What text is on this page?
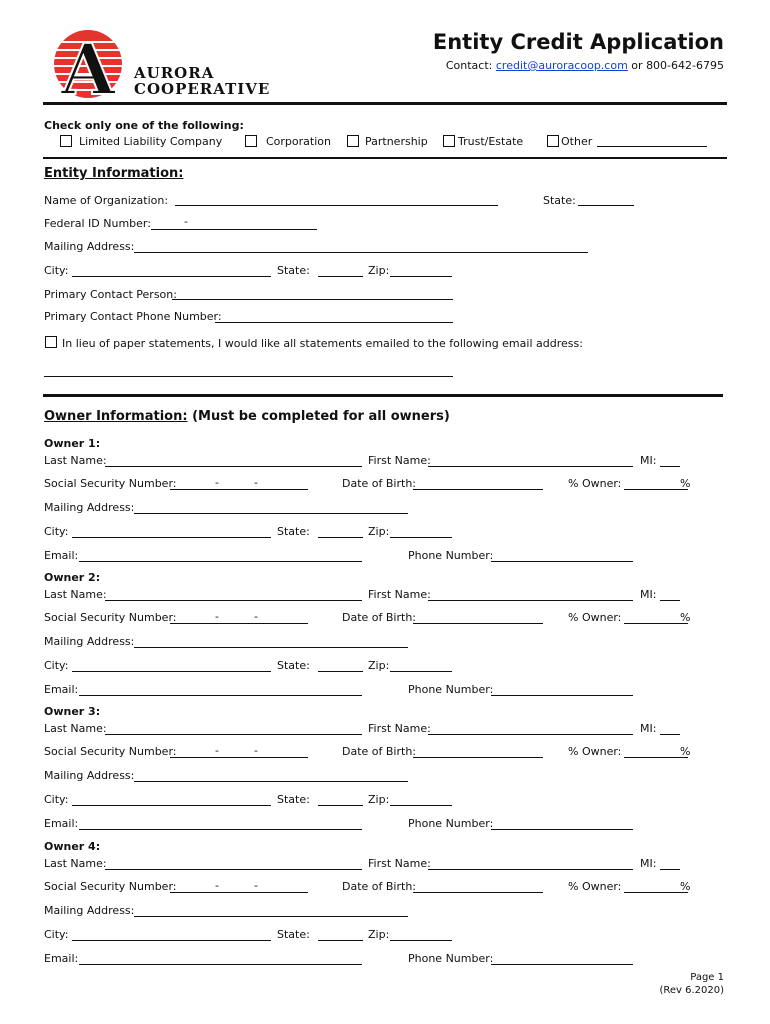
A AURORA
COOPERATIVE
Entity Credit Application
Contact: credit@auroracoop.com or 800-642-6795
Check only one of the following:
Limited Liability Company	Corporation	Partnership	Trust/Estate	Other
Entity Information:
Name of Organization:	State:
Federal ID Number:	-
Mailing Address:
City:	State:	Zip:
Primary Contact Person:
Primary Contact Phone Number:
In lieu of paper statements, I would like all statements emailed to the following email address:
Owner Information: (Must be completed for all owners)
Owner 1:
Last Name:	First Name:	MI:
Social Security Number:	-	-	Date of Birth:	% Owner:	%
Mailing Address:
City:	State:	Zip:
Email:	Phone Number:
Owner 2:
Last Name:	First Name:	MI:
Social Security Number:	-	-	Date of Birth:	% Owner:	%
Mailing Address:
City:	State:	Zip:
Email:	Phone Number:
Owner 3:
Last Name:	First Name:	MI:
Social Security Number:	-	-	Date of Birth:	% Owner:	%
Mailing Address:
City:	State:	Zip:
Email:	Phone Number:
Owner 4:
Last Name:	First Name:	MI:
Social Security Number:	-	-	Date of Birth:	% Owner:	%
Mailing Address:
City:	State:	Zip:
Email:	Phone Number:
Page 1
(Rev 6.2020)
